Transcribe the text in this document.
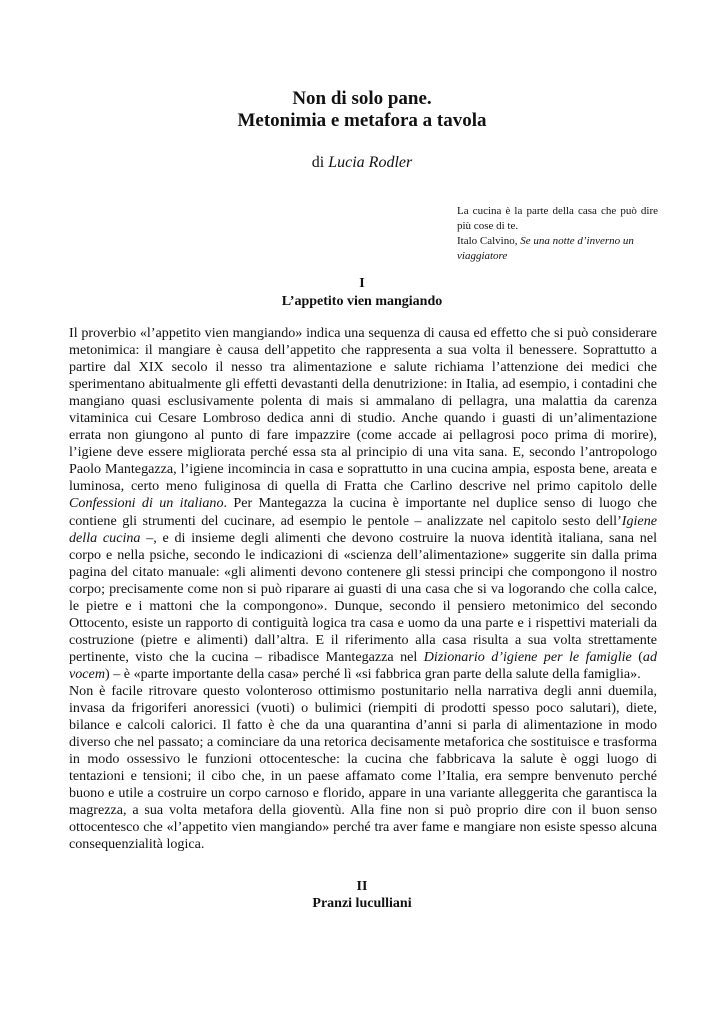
Non di solo pane.
Metonimia e metafora a tavola
di Lucia Rodler
La cucina è la parte della casa che può dire più cose di te.
Italo Calvino, Se una notte d’inverno un viaggiatore
I
L’appetito vien mangiando

Il proverbio «l’appetito vien mangiando» indica una sequenza di causa ed effetto che si può considerare metonimica: il mangiare è causa dell’appetito che rappresenta a sua volta il benessere. Soprattutto a partire dal XIX secolo il nesso tra alimentazione e salute richiama l’attenzione dei medici che sperimentano abitualmente gli effetti devastanti della denutrizione: in Italia, ad esempio, i contadini che mangiano quasi esclusivamente polenta di mais si ammalano di pellagra, una malattia da carenza vitaminica cui Cesare Lombroso dedica anni di studio. Anche quando i guasti di un’alimentazione errata non giungono al punto di fare impazzire (come accade ai pellagrosi poco prima di morire), l’igiene deve essere migliorata perché essa sta al principio di una vita sana. E, secondo l’antropologo Paolo Mantegazza, l’igiene incomincia in casa e soprattutto in una cucina ampia, esposta bene, areata e luminosa, certo meno fuliginosa di quella di Fratta che Carlino descrive nel primo capitolo delle Confessioni di un italiano. Per Mantegazza la cucina è importante nel duplice senso di luogo che contiene gli strumenti del cucinare, ad esempio le pentole – analizzate nel capitolo sesto dell’Igiene della cucina –, e di insieme degli alimenti che devono costruire la nuova identità italiana, sana nel corpo e nella psiche, secondo le indicazioni di «scienza dell’alimentazione» suggerite sin dalla prima pagina del citato manuale: «gli alimenti devono contenere gli stessi principi che compongono il nostro corpo; precisamente come non si può riparare ai guasti di una casa che si va logorando che colla calce, le pietre e i mattoni che la compongono». Dunque, secondo il pensiero metonimico del secondo Ottocento, esiste un rapporto di contiguità logica tra casa e uomo da una parte e i rispettivi materiali da costruzione (pietre e alimenti) dall’altra. E il riferimento alla casa risulta a sua volta strettamente pertinente, visto che la cucina – ribadisce Mantegazza nel Dizionario d’igiene per le famiglie (ad vocem) – è «parte importante della casa» perché lì «si fabbrica gran parte della salute della famiglia».

Non è facile ritrovare questo volonteroso ottimismo postunitario nella narrativa degli anni duemila, invasa da frigoriferi anoressici (vuoti) o bulimici (riempiti di prodotti spesso poco salutari), diete, bilance e calcoli calorici. Il fatto è che da una quarantina d’anni si parla di alimentazione in modo diverso che nel passato; a cominciare da una retorica decisamente metaforica che sostituisce e trasforma in modo ossessivo le funzioni ottocentesche: la cucina che fabbricava la salute è oggi luogo di tentazioni e tensioni; il cibo che, in un paese affamato come l’Italia, era sempre benvenuto perché buono e utile a costruire un corpo carnoso e florido, appare in una variante alleggerita che garantisca la magrezza, a sua volta metafora della gioventù. Alla fine non si può proprio dire con il buon senso ottocentesco che «l’appetito vien mangiando» perché tra aver fame e mangiare non esiste spesso alcuna consequenzialità logica.

II
Pranzi luculliani
